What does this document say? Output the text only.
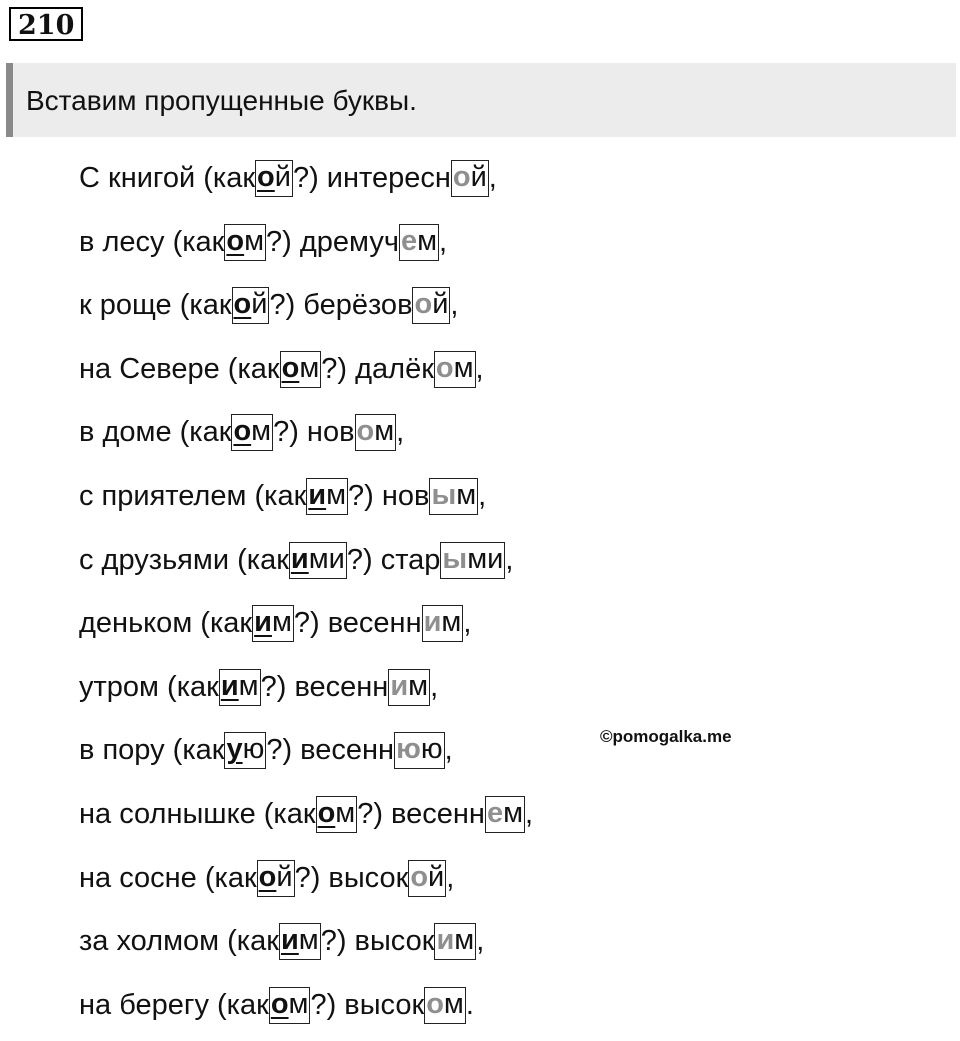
210
Вставим пропущенные буквы.
С книгой (какой?) интересной,
в лесу (каком?) дремучем,
к роще (какой?) берёзовой,
на Севере (каком?) далёком,
в доме (каком?) новом,
с приятелем (каким?) новым,
с друзьями (какими?) старыми,
деньком (каким?) весенним,
утром (каким?) весенним,
в пору (какую?) весеннюю,
на солнышке (каком?) весеннем,
на сосне (какой?) высокой,
за холмом (каким?) высоким,
на берегу (каком?) высоком.
©pomogalka.me
